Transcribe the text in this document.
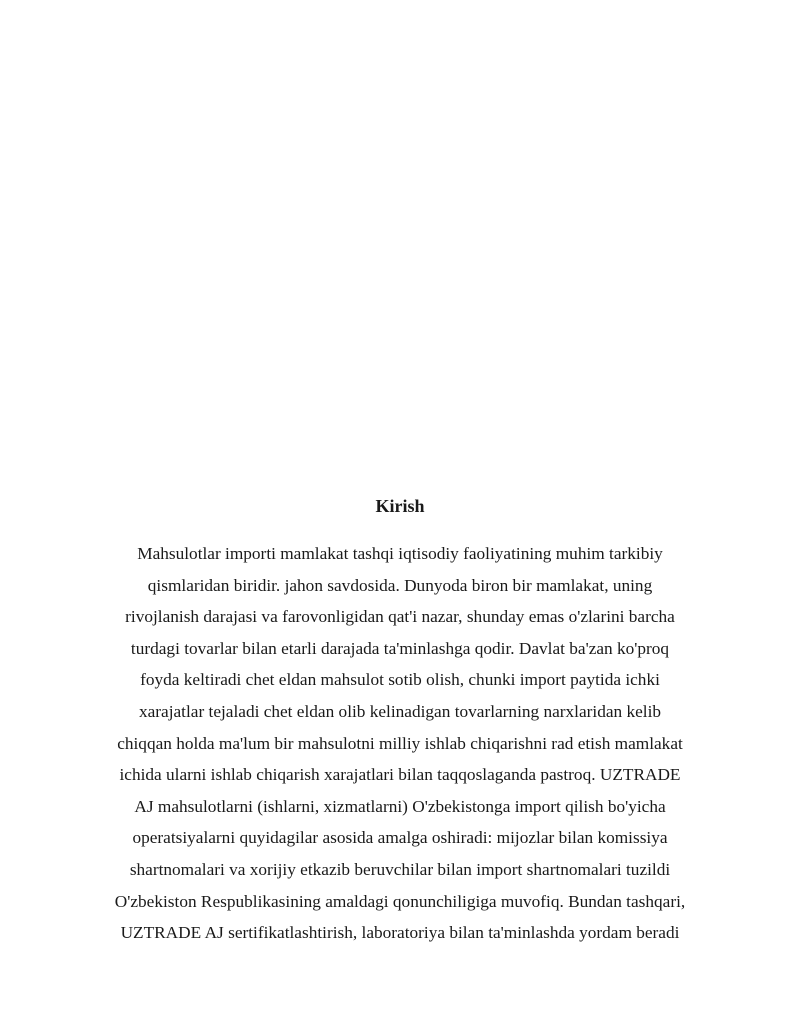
Kirish
Mahsulotlar importi mamlakat tashqi iqtisodiy faoliyatining muhim tarkibiy
qismlaridan biridir. jahon savdosida. Dunyoda biron bir mamlakat, uning
rivojlanish darajasi va farovonligidan qat'i nazar, shunday emas o'zlarini barcha
turdagi tovarlar bilan etarli darajada ta'minlashga qodir. Davlat ba'zan ko'proq
foyda keltiradi chet eldan mahsulot sotib olish, chunki import paytida ichki
xarajatlar tejaladi chet eldan olib kelinadigan tovarlarning narxlaridan kelib
chiqqan holda ma'lum bir mahsulotni milliy ishlab chiqarishni rad etish mamlakat
ichida ularni ishlab chiqarish xarajatlari bilan taqqoslaganda pastroq. UZTRADE
AJ mahsulotlarni (ishlarni, xizmatlarni) O'zbekistonga import qilish bo'yicha
operatsiyalarni quyidagilar asosida amalga oshiradi: mijozlar bilan komissiya
shartnomalari va xorijiy etkazib beruvchilar bilan import shartnomalari tuzildi
O'zbekiston Respublikasining amaldagi qonunchiligiga muvofiq. Bundan tashqari,
UZTRADE AJ sertifikatlashtirish, laboratoriya bilan ta'minlashda yordam beradi
